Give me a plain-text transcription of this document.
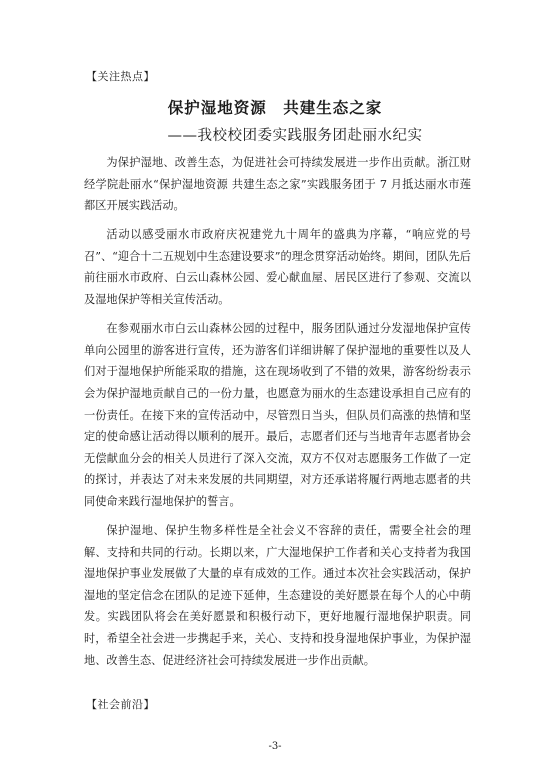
【关注热点】
保护湿地资源　共建生态之家
——我校校团委实践服务团赴丽水纪实

为保护湿地、改善生态，为促进社会可持续发展进一步作出贡献。浙江财经学院赴丽水“保护湿地资源 共建生态之家”实践服务团于 7 月抵达丽水市莲都区开展实践活动。

活动以感受丽水市政府庆祝建党九十周年的盛典为序幕，“响应党的号召”、“迎合十二五规划中生态建设要求”的理念贯穿活动始终。期间，团队先后前往丽水市政府、白云山森林公园、爱心献血屋、居民区进行了参观、交流以及湿地保护等相关宣传活动。

在参观丽水市白云山森林公园的过程中，服务团队通过分发湿地保护宣传单向公园里的游客进行宣传，还为游客们详细讲解了保护湿地的重要性以及人们对于湿地保护所能采取的措施，这在现场收到了不错的效果，游客纷纷表示会为保护湿地贡献自己的一份力量，也愿意为丽水的生态建设承担自己应有的一份责任。在接下来的宣传活动中，尽管烈日当头，但队员们高涨的热情和坚定的使命感让活动得以顺利的展开。最后，志愿者们还与当地青年志愿者协会无偿献血分会的相关人员进行了深入交流，双方不仅对志愿服务工作做了一定的探讨，并表达了对未来发展的共同期望，对方还承诺将履行两地志愿者的共同使命来践行湿地保护的誓言。

保护湿地、保护生物多样性是全社会义不容辞的责任，需要全社会的理解、支持和共同的行动。长期以来，广大湿地保护工作者和关心支持者为我国湿地保护事业发展做了大量的卓有成效的工作。通过本次社会实践活动，保护湿地的坚定信念在团队的足迹下延伸，生态建设的美好愿景在每个人的心中萌发。实践团队将会在美好愿景和积极行动下，更好地履行湿地保护职责。同时，希望全社会进一步携起手来，关心、支持和投身湿地保护事业，为保护湿地、改善生态、促进经济社会可持续发展进一步作出贡献。

【社会前沿】
-3-
